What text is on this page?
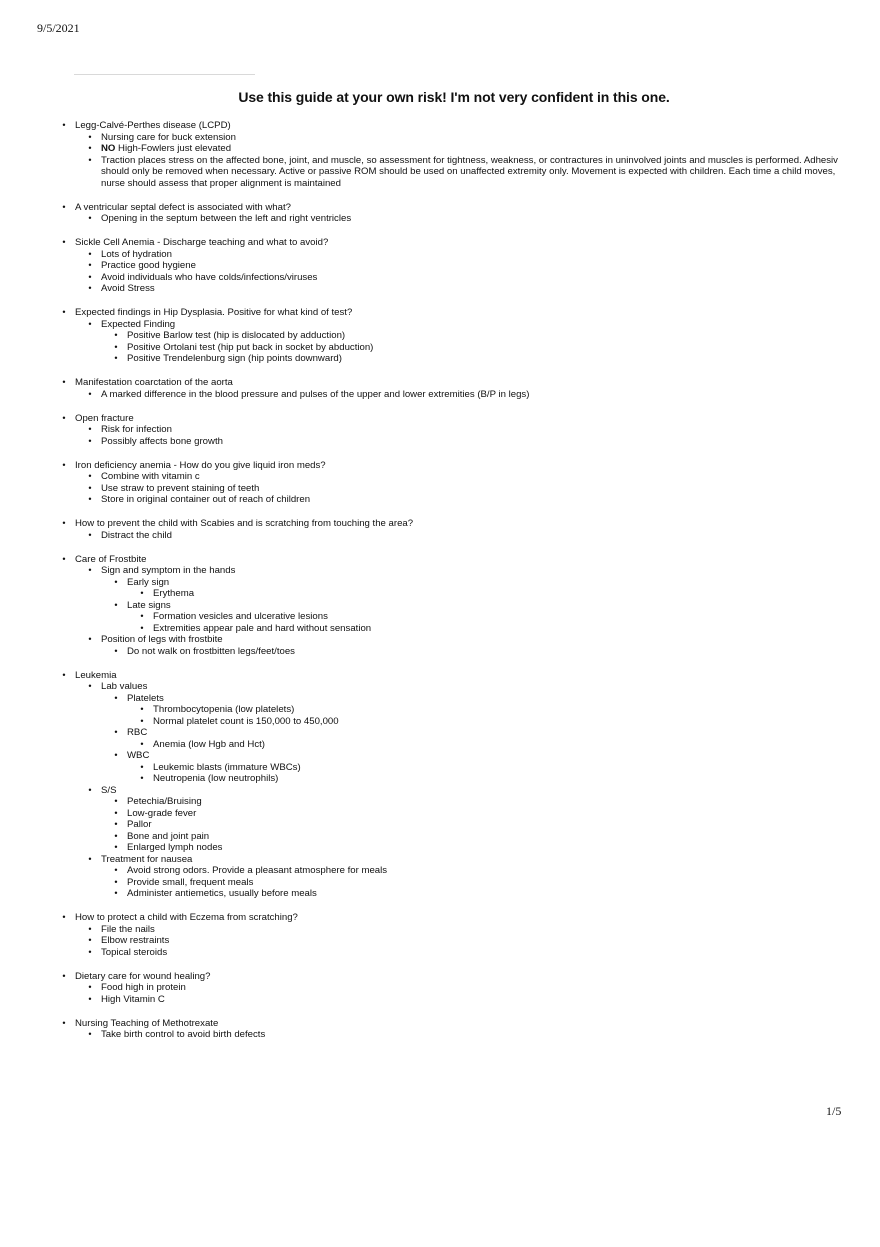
9/5/2021
Use this guide at your own risk! I'm not very confident in this one.
• Legg-Calvé-Perthes disease (LCPD)
• Nursing care for buck extension
• NO High-Fowlers just elevated
• Traction places stress on the affected bone, joint, and muscle, so assessment for tightness, weakness, or contractures in uninvolved joints and muscles is performed. Adhesiv should only be removed when necessary. Active or passive ROM should be used on unaffected extremity only. Movement is expected with children. Each time a child moves, nurse should assess that proper alignment is maintained
• A ventricular septal defect is associated with what?
• Opening in the septum between the left and right ventricles
• Sickle Cell Anemia - Discharge teaching and what to avoid?
• Lots of hydration
• Practice good hygiene
• Avoid individuals who have colds/infections/viruses
• Avoid Stress
• Expected findings in Hip Dysplasia. Positive for what kind of test?
• Expected Finding
• Positive Barlow test (hip is dislocated by adduction)
• Positive Ortolani test (hip put back in socket by abduction)
• Positive Trendelenburg sign (hip points downward)
• Manifestation coarctation of the aorta
• A marked difference in the blood pressure and pulses of the upper and lower extremities (B/P in legs)
• Open fracture
• Risk for infection
• Possibly affects bone growth
• Iron deficiency anemia - How do you give liquid iron meds?
• Combine with vitamin c
• Use straw to prevent staining of teeth
• Store in original container out of reach of children
• How to prevent the child with Scabies and is scratching from touching the area?
• Distract the child
• Care of Frostbite
• Sign and symptom in the hands
• Early sign
• Erythema
• Late signs
• Formation vesicles and ulcerative lesions
• Extremities appear pale and hard without sensation
• Position of legs with frostbite
• Do not walk on frostbitten legs/feet/toes
• Leukemia
• Lab values
• Platelets
• Thrombocytopenia (low platelets)
• Normal platelet count is 150,000 to 450,000
• RBC
• Anemia (low Hgb and Hct)
• WBC
• Leukemic blasts (immature WBCs)
• Neutropenia (low neutrophils)
• S/S
• Petechia/Bruising
• Low-grade fever
• Pallor
• Bone and joint pain
• Enlarged lymph nodes
• Treatment for nausea
• Avoid strong odors. Provide a pleasant atmosphere for meals
• Provide small, frequent meals
• Administer antiemetics, usually before meals
• How to protect a child with Eczema from scratching?
• File the nails
• Elbow restraints
• Topical steroids
• Dietary care for wound healing?
• Food high in protein
• High Vitamin C
• Nursing Teaching of Methotrexate
• Take birth control to avoid birth defects
1/5
